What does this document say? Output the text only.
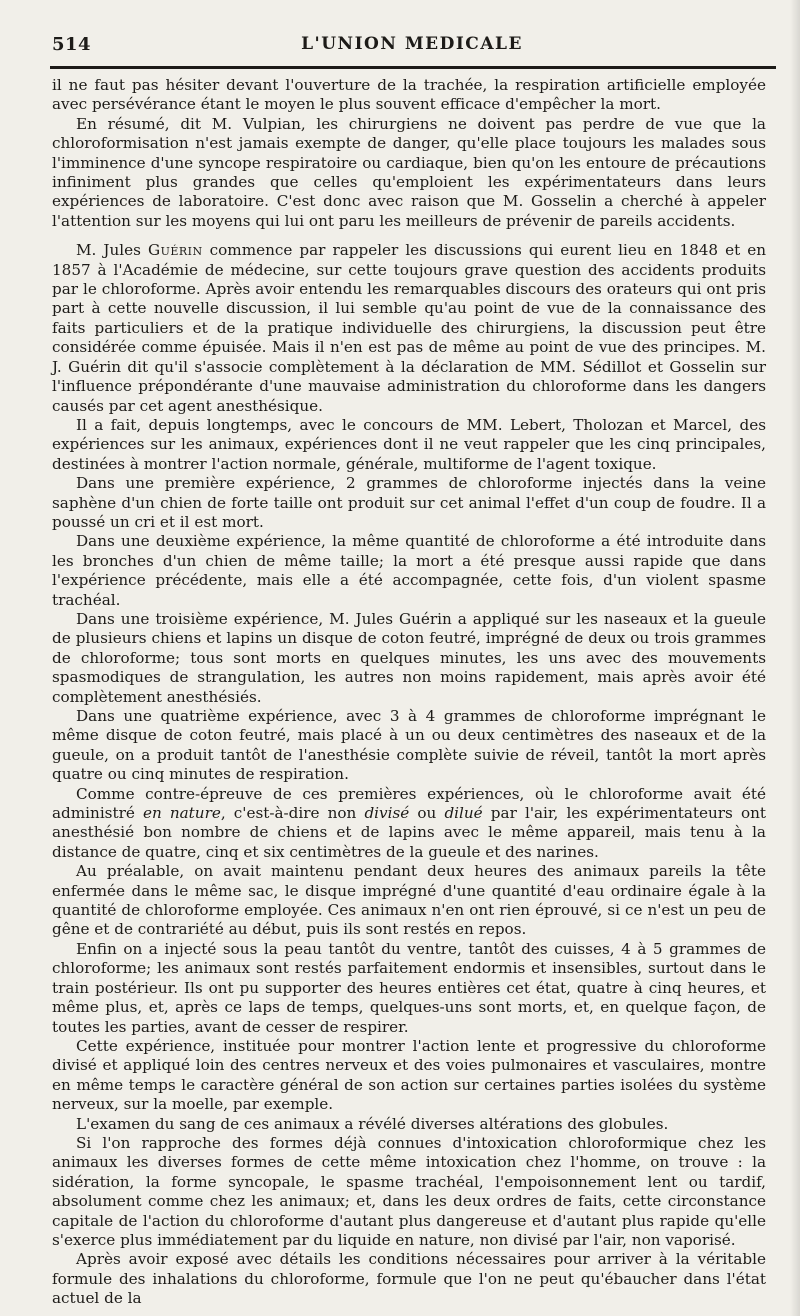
514	L'UNION MEDICALE

il ne faut pas hésiter devant l'ouverture de la trachée, la respiration artificielle employée avec persévérance étant le moyen le plus souvent efficace d'empêcher la mort.

En résumé, dit M. Vulpian, les chirurgiens ne doivent pas perdre de vue que la chloroformisation n'est jamais exempte de danger, qu'elle place toujours les malades sous l'imminence d'une syncope respiratoire ou cardiaque, bien qu'on les entoure de précautions infiniment plus grandes que celles qu'emploient les expérimentateurs dans leurs expériences de laboratoire. C'est donc avec raison que M. Gosselin a cherché à appeler l'attention sur les moyens qui lui ont paru les meilleurs de prévenir de pareils accidents.

M. Jules Guérin commence par rappeler les discussions qui eurent lieu en 1848 et en 1857 à l'Académie de médecine, sur cette toujours grave question des accidents produits par le chloroforme. Après avoir entendu les remarquables discours des orateurs qui ont pris part à cette nouvelle discussion, il lui semble qu'au point de vue de la connaissance des faits particuliers et de la pratique individuelle des chirurgiens, la discussion peut être considérée comme épuisée. Mais il n'en est pas de même au point de vue des principes. M. J. Guérin dit qu'il s'associe complètement à la déclaration de MM. Sédillot et Gosselin sur l'influence prépondérante d'une mauvaise administration du chloroforme dans les dangers causés par cet agent anesthésique.

Il a fait, depuis longtemps, avec le concours de MM. Lebert, Tholozan et Marcel, des expériences sur les animaux, expériences dont il ne veut rappeler que les cinq principales, destinées à montrer l'action normale, générale, multiforme de l'agent toxique.

Dans une première expérience, 2 grammes de chloroforme injectés dans la veine saphène d'un chien de forte taille ont produit sur cet animal l'effet d'un coup de foudre. Il a poussé un cri et il est mort.

Dans une deuxième expérience, la même quantité de chloroforme a été introduite dans les bronches d'un chien de même taille; la mort a été presque aussi rapide que dans l'expérience précédente, mais elle a été accompagnée, cette fois, d'un violent spasme trachéal.

Dans une troisième expérience, M. Jules Guérin a appliqué sur les naseaux et la gueule de plusieurs chiens et lapins un disque de coton feutré, imprégné de deux ou trois grammes de chloroforme; tous sont morts en quelques minutes, les uns avec des mouvements spasmodiques de strangulation, les autres non moins rapidement, mais après avoir été complètement anesthésiés.

Dans une quatrième expérience, avec 3 à 4 grammes de chloroforme imprégnant le même disque de coton feutré, mais placé à un ou deux centimètres des naseaux et de la gueule, on a produit tantôt de l'anesthésie complète suivie de réveil, tantôt la mort après quatre ou cinq minutes de respiration.

Comme contre-épreuve de ces premières expériences, où le chloroforme avait été administré en nature, c'est-à-dire non divisé ou dilué par l'air, les expérimentateurs ont anesthésié bon nombre de chiens et de lapins avec le même appareil, mais tenu à la distance de quatre, cinq et six centimètres de la gueule et des narines.

Au préalable, on avait maintenu pendant deux heures des animaux pareils la tête enfermée dans le même sac, le disque imprégné d'une quantité d'eau ordinaire égale à la quantité de chloroforme employée. Ces animaux n'en ont rien éprouvé, si ce n'est un peu de gêne et de contrariété au début, puis ils sont restés en repos.

Enfin on a injecté sous la peau tantôt du ventre, tantôt des cuisses, 4 à 5 grammes de chloroforme; les animaux sont restés parfaitement endormis et insensibles, surtout dans le train postérieur. Ils ont pu supporter des heures entières cet état, quatre à cinq heures, et même plus, et, après ce laps de temps, quelques-uns sont morts, et, en quelque façon, de toutes les parties, avant de cesser de respirer.

Cette expérience, instituée pour montrer l'action lente et progressive du chloroforme divisé et appliqué loin des centres nerveux et des voies pulmonaires et vasculaires, montre en même temps le caractère général de son action sur certaines parties isolées du système nerveux, sur la moelle, par exemple.

L'examen du sang de ces animaux a révélé diverses altérations des globules.

Si l'on rapproche des formes déjà connues d'intoxication chloroformique chez les animaux les diverses formes de cette même intoxication chez l'homme, on trouve : la sidération, la forme syncopale, le spasme trachéal, l'empoisonnement lent ou tardif, absolument comme chez les animaux; et, dans les deux ordres de faits, cette circonstance capitale de l'action du chloroforme d'autant plus dangereuse et d'autant plus rapide qu'elle s'exerce plus immédiatement par du liquide en nature, non divisé par l'air, non vaporisé.

Après avoir exposé avec détails les conditions nécessaires pour arriver à la véritable formule des inhalations du chloroforme, formule que l'on ne peut qu'ébaucher dans l'état actuel de la
